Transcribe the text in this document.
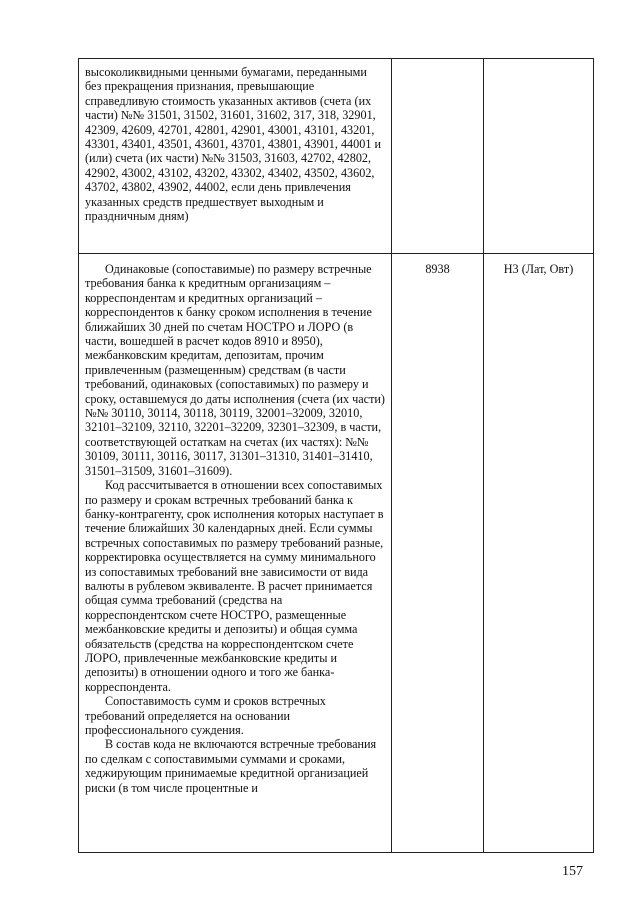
высоколиквидными ценными бумагами, переданными без прекращения признания, превышающие справедливую стоимость указанных активов (счета (их части) №№ 31501, 31502, 31601, 31602, 317, 318, 32901, 42309, 42609, 42701, 42801, 42901, 43001, 43101, 43201, 43301, 43401, 43501, 43601, 43701, 43801, 43901, 44001 и (или) счета (их части) №№ 31503, 31603, 42702, 42802, 42902, 43002, 43102, 43202, 43302, 43402, 43502, 43602, 43702, 43802, 43902, 44002, если день привлечения указанных средств предшествует выходным и праздничным дням)		

Одинаковые (сопоставимые) по размеру встречные требования банка к кредитным организациям – корреспондентам и кредитных организаций – корреспондентов к банку сроком исполнения в течение ближайших 30 дней по счетам НОСТРО и ЛОРО (в части, вошедшей в расчет кодов 8910 и 8950), межбанковским кредитам, депозитам, прочим привлеченным (размещенным) средствам (в части требований, одинаковых (сопоставимых) по размеру и сроку, оставшемуся до даты исполнения (счета (их части) №№ 30110, 30114, 30118, 30119, 32001–32009, 32010, 32101–32109, 32110, 32201–32209, 32301–32309, в части, соответствующей остаткам на счетах (их частях): №№ 30109, 30111, 30116, 30117, 31301–31310, 31401–31410, 31501–31509, 31601–31609).

Код рассчитывается в отношении всех сопоставимых по размеру и срокам встречных требований банка к банку-контрагенту, срок исполнения которых наступает в течение ближайших 30 календарных дней. Если суммы встречных сопоставимых по размеру требований разные, корректировка осуществляется на сумму минимального из сопоставимых требований вне зависимости от вида валюты в рублевом эквиваленте. В расчет принимается общая сумма требований (средства на корреспондентском счете НОСТРО, размещенные межбанковские кредиты и депозиты) и общая сумма обязательств (средства на корреспондентском счете ЛОРО, привлеченные межбанковские кредиты и депозиты) в отношении одного и того же банка-корреспондента.

Сопоставимость сумм и сроков встречных требований определяется на основании профессионального суждения.

В состав кода не включаются встречные требования по сделкам с сопоставимыми суммами и сроками, хеджирующим принимаемые кредитной организацией риски (в том числе процентные и	8938	Н3 (Лат, Овт)
157
